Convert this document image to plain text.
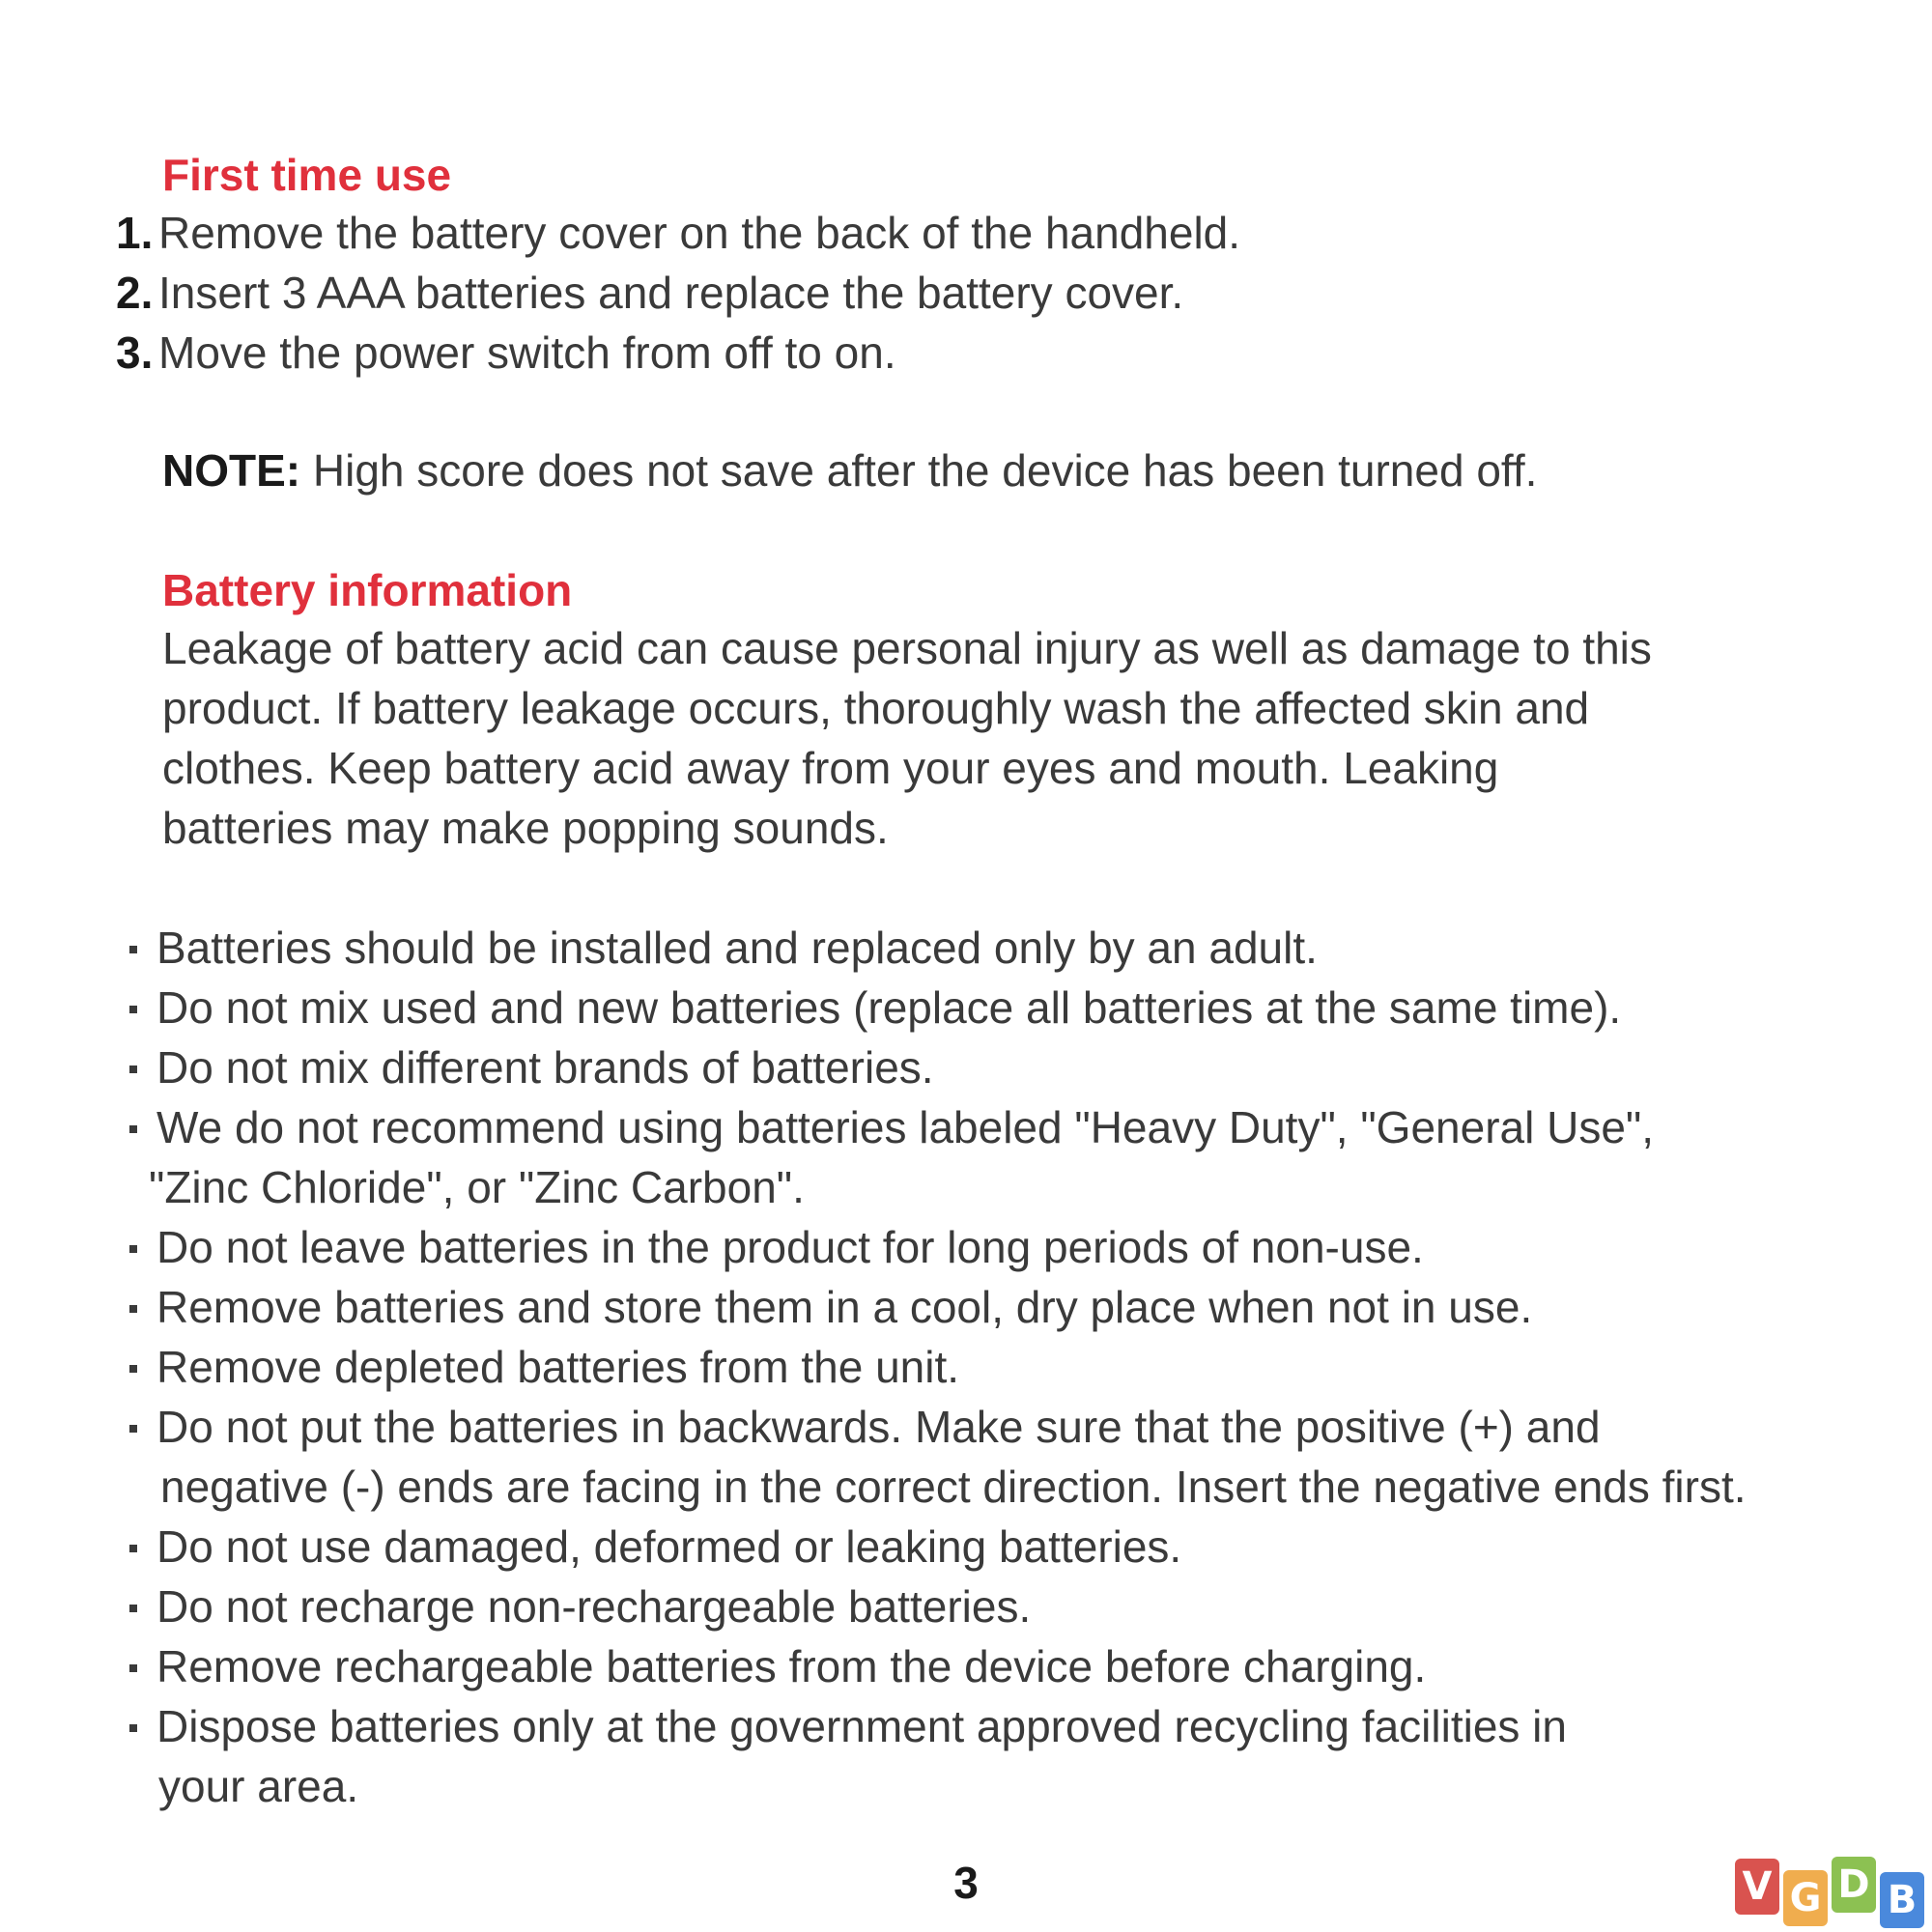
First time use
1. Remove the battery cover on the back of the handheld.
2. Insert 3 AAA batteries and replace the battery cover.
3. Move the power switch from off to on.
NOTE: High score does not save after the device has been turned off.
Battery information
Leakage of battery acid can cause personal injury as well as damage to this
product. If battery leakage occurs, thoroughly wash the affected skin and
clothes. Keep battery acid away from your eyes and mouth. Leaking
batteries may make popping sounds.
Batteries should be installed and replaced only by an adult.
Do not mix used and new batteries (replace all batteries at the same time).
Do not mix different brands of batteries.
We do not recommend using batteries labeled "Heavy Duty", "General Use",
"Zinc Chloride", or "Zinc Carbon".
Do not leave batteries in the product for long periods of non-use.
Remove batteries and store them in a cool, dry place when not in use.
Remove depleted batteries from the unit.
Do not put the batteries in backwards. Make sure that the positive (+) and
negative (-) ends are facing in the correct direction. Insert the negative ends first.
Do not use damaged, deformed or leaking batteries.
Do not recharge non-rechargeable batteries.
Remove rechargeable batteries from the device before charging.
Dispose batteries only at the government approved recycling facilities in
your area.
3	V G D B
